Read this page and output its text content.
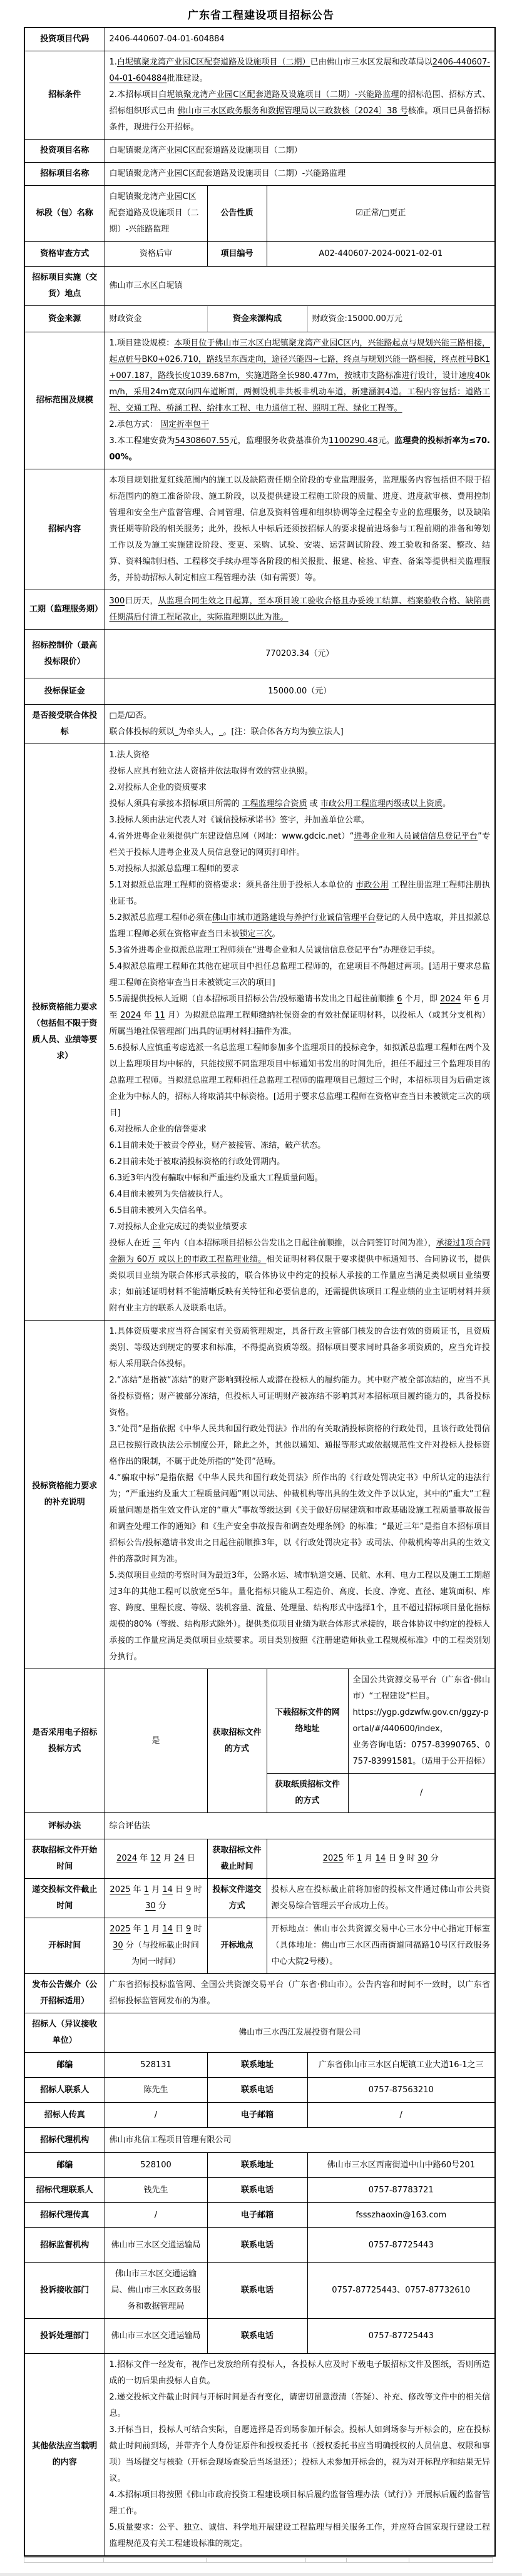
广东省工程建设项目招标公告
投资项目代码	2406-440607-04-01-604884				

招标条件	1.白坭镇聚龙湾产业园C区配套道路及设施项目（二期）已由佛山市三水区发展和改革局以2406-440607-04-01-604884批准建设。
2.本招标项目白坭镇聚龙湾产业园C区配套道路及设施项目（二期）-兴能路监理的招标范围、招标方式、招标组织形式已由 佛山市三水区政务服务和数据管理局以三政数核〔2024〕38 号核准。项目已具备招标条件，现进行公开招标。				

投资项目名称	白坭镇聚龙湾产业园C区配套道路及设施项目（二期）				

招标项目名称	白坭镇聚龙湾产业园C区配套道路及设施项目（二期）-兴能路监理				

标段（包）名称	白坭镇聚龙湾产业园C区配套道路及设施项目（二期）-兴能路监理	公告性质	☑正常/□更正		

资格审查方式	资格后审	项目编号	A02-440607-2024-0021-02-01		

招标项目实施（交货）地点	佛山市三水区白坭镇				

资金来源	财政资金	资金来源构成		财政资金:15000.00万元	

招标范围及规模	1.项目建设规模：本项目位于佛山市三水区白坭镇聚龙湾产业园C区内，兴能路起点与规划兴能三路相接，起点桩号BK0+026.710，路线呈东西走向，途径兴能四~七路，终点与规划兴能一路相接，终点桩号BK1+007.187，路线长度1039.687m，实施道路全长980.477m，按城市支路标准进行设计，设计速度40km/h，采用24m宽双向四车道断面，两侧设机非共板非机动车道，新建涵洞4道。工程内容包括：道路工程、交通工程、桥涵工程、给排水工程、电力通信工程、照明工程、绿化工程等。
2.承包方式： 固定折率包干
3.本工程建安费为54308607.55元，监理服务收费基准价为1100290.48元。监理费的投标折率为≤70.00%。				

招标内容	本项目规划批复红线范围内的施工以及缺陷责任期全阶段的专业监理服务，监理服务内容包括但不限于招标范围内的施工准备阶段、施工阶段，以及提供建设工程施工阶段的质量、进度、进度款审核、费用控制管理和安全生产监督管理、合同管理、信息及资料管理和组织协调等全过程全专业的监理服务，以及缺陷责任期等阶段的相关服务；此外，投标人中标后还须按招标人的要求提前进场参与工程前期的准备和筹划工作以及为施工实施建设阶段、变更、采购、试验、安装、运营调试阶段、竣工验收和备案、整改、结算、资料编制归档、工程移交手续办理等各阶段的相关报批、报建、检验、审查、备案等提供相关监理服务，并协助招标人制定相应工程管理办法（如有需要）等。				

工期（监理服务期）	300日历天，从监理合同生效之日起算，至本项目竣工验收合格且办妥竣工结算、档案验收合格、缺陷责任期满后付清工程尾款止，实际监理期以此为准。				

招标控制价（最高投标限价）	770203.34（元）				

投标保证金	15000.00（元）				

是否接受联合体投标	□是/☑否。
联合体投标的须以_为牵头人，_。[注：联合体各方均为独立法人]				

投标资格能力要求（包括但不限于资质人员、业绩等要求）

1.法人资格
投标人应具有独立法人资格并依法取得有效的营业执照。
2.对投标人企业的资质要求
投标人须具有承接本招标项目所需的 工程监理综合资质 或 市政公用工程监理丙级或以上资质。
3.投标人须由法定代表人对《诚信投标承诺书》签字，并加盖单位公章。
4.省外进粤企业须提供广东建设信息网（网址：www.gdcic.net）“进粤企业和人员诚信信息登记平台”专栏关于投标人进粤企业及人员信息登记的网页打印件。
5.对投标人拟派总监理工程师的要求
5.1对拟派总监理工程师的资格要求：须具备注册于投标人本单位的 市政公用 工程注册监理工程师注册执业证书。
5.2拟派总监理工程师必须在佛山市城市道路建设与养护行业诚信管理平台登记的人员中选取，并且拟派总监理工程师必须在资格审查当日未被锁定三次。
5.3省外进粤企业拟派总监理工程师须在“进粤企业和人员诚信信息登记平台”办理登记手续。
5.4拟派总监理工程师在其他在建项目中担任总监理工程师的，在建项目不得超过两项。[适用于要求总监理工程师在资格审查当日未被锁定三次的项目]
5.5需提供投标人近期（自本招标项目招标公告/投标邀请书发出之日起往前顺推 6 个月，即 2024 年 6 月至 2024 年 11 月）为拟派总监理工程师缴纳社保资金的有效社保证明材料，以投标人（或其分支机构）所属当地社保管理部门出具的证明材料扫描件为准。
5.6投标人应慎重考虑选派一名总监理工程师参加多个监理项目的投标竞争，如拟派总监理工程师在两个及以上监理项目均中标的，只能按照不同监理项目中标通知书发出的时间先后，担任不超过三个监理项目的总监理工程师。当拟派总监理工程师担任总监理工程师的监理项目已超过三个时，本招标项目为后确定该企业为中标人的，招标人将取消其中标资格。[适用于要求总监理工程师在资格审查当日未被锁定三次的项目]
6.对投标人企业的信誉要求
6.1目前未处于被责令停业，财产被接管、冻结，破产状态。
6.2目前未处于被取消投标资格的行政处罚期内。
6.3近3年内没有骗取中标和严重违约及重大工程质量问题。
6.4目前未被列为失信被执行人。
6.5目前未被列入失信名单。
7.对投标人企业完成过的类似业绩要求
投标人在近 三 年内（自本招标项目招标公告发出之日起往前顺推，以合同签订时间为准），承接过1项合同金额为 60万 或以上的市政工程监理业绩。相关证明材料仅限于要求提供中标通知书、合同协议书，提供类似项目业绩为联合体形式承接的，联合体协议中约定的投标人承接的工作量应当满足类似项目业绩要求；如前述证明材料不能清晰反映有关特征和必要信息的，还需提供该项目工程业绩的业主证明材料并须附有业主方的联系人及联系电话。

投标资格能力要求的补充说明	1.具体资质要求应当符合国家有关资质管理规定，具备行政主管部门核发的合法有效的资质证书，且资质类别、等级达到规定的要求和标准，不得提高资质等级。招标项目要求同时具备多项资质的，应当允许投标人采用联合体投标。
2.“冻结”是指被“冻结”的财产影响到投标人或潜在投标人的履约能力。其中财产被全部冻结的，应当不具备投标资格；财产被部分冻结，但投标人可证明财产被冻结不影响其对本招标项目履约能力的，具备投标资格。
3.“处罚”是指依据《中华人民共和国行政处罚法》作出的有关取消投标资格的行政处罚，且该行政处罚信息已按照行政执法公示制度公开，除此之外，其他以通知、通报等形式或依据规范性文件对投标人投标资格作出的限制，不属于此处所指的“处罚”范畴。
4.“骗取中标”是指依据《中华人民共和国行政处罚法》所作出的《行政处罚决定书》中所认定的违法行为；“严重违约及重大工程质量问题”则以司法、仲裁机构等出具的生效文件予以认定，其中的“重大”工程质量问题是指生效文件认定的“重大”事故等级达到《关于做好房屋建筑和市政基础设施工程质量事故报告和调查处理工作的通知》和《生产安全事故报告和调查处理条例》的标准；“最近三年”是指自本招标项目招标公告/投标邀请书发出之日起往前顺推3年，以《行政处罚决定书》或司法、仲裁机构等出具的生效文件的落款时间为准。
5.类似项目业绩的考察时间为最近3年，公路水运、城市轨道交通、民航、水利、电力工程以及施工工期超过3年的其他工程可以放宽至5年。量化指标只能从工程造价、高度、长度、净宽、直径、建筑面积、库容、跨度、里程长度、等级、装机容量、流量、处理量、结构形式中选择1个，且不超过招标项目量化指标规模的80%（等级、结构形式除外）。提供类似项目业绩为联合体形式承接的，联合体协议中约定的投标人承接的工作量应满足类似项目业绩要求。项目类别按照《注册建造师执业工程规模标准》中的工程类别划分执行。				

是否采用电子招标投标方式	是	获取招标文件的方式	下载招标文件的网络地址		全国公共资源交易平台（广东省·佛山市）“工程建设”栏目。
https://ygp.gdzwfw.gov.cn/ggzy-portal/#/440600/index，
业务咨询电话：0757-83990765、0757-83991581。（适用于公开招标）

			获取纸质招标文件的方式		/

评标办法	综合评估法				

获取招标文件开始时间	2024 年 12 月 24 日	获取招标文件截止时间	2025 年 1 月 14 日 9 时 30 分		

递交投标文件截止时间	2025 年 1 月 14 日 9 时 30 分	投标文件递交方式	投标人应在投标截止前将加密的投标文件通过佛山市公共资源交易综合管理云平台成功上传。		

开标时间	2025 年 1 月 14 日 9 时 30 分（与投标截止时间为同一时间）	开标地点	开标地点：佛山市公共资源交易中心三水分中心指定开标室（具体地址：佛山市三水区西南街道同福路10号区行政服务中心大院2号楼）。		

发布公告媒介（公开招标适用）	广东省招标投标监管网、全国公共资源交易平台（广东省·佛山市）。公告内容和时间不一致时，以广东省招标投标监管网发布的为准。				

招标人（异议接收单位）	佛山市三水西江发展投资有限公司				

邮编	528131	联系地址		广东省佛山市三水区白坭镇工业大道16-1之三	

招标人联系人	陈先生	联系电话		0757-87563210	

招标人传真	/	电子邮箱		/	

招标代理机构	佛山市兆信工程项目管理有限公司				

邮编	528100	联系地址		佛山市三水区西南街道中山中路60号201	

招标代理联系人	钱先生	联系电话		0757-87783721	

招标代理传真	/	电子邮箱		fssszhaoxin@163.com	

招标监督机构	佛山市三水区交通运输局	联系电话		0757-87725443	

投诉接收部门	佛山市三水区交通运输局、佛山市三水区政务服务和数据管理局	联系电话		0757-87725443、0757-87732610	

投诉处理部门	佛山市三水区交通运输局	联系电话		0757-87725443	

其他依法应当载明的内容	1.招标文件一经发布，视作已发放给所有投标人，各投标人应及时下载电子版招标文件及图纸，否则所造成的一切后果由投标人自负。
2.递交投标文件截止时间与开标时间是否有变化，请密切留意澄清（答疑）、补充、修改等文件中的相关信息。
3.开标当日，投标人可结合实际，自愿选择是否到场参加开标会。投标人如到场参与开标会的，应在投标截止时间前到场，并带齐个人身份证原件和授权委托书（授权委托书应当明确授权的人员信息、权限和事项）当场提交与核验（开标会现场查验后当场退还）；投标人未参加开标会的，视为对开标程序和结果无异议。
4.本招标项目将按照《佛山市政府投资工程建设项目标后履约监督管理办法（试行）》开展标后履约监督管理工作。
5.质量要求：公平、独立、诚信、科学地开展建设工程监理与相关服务工作，并应符合国家现行建设工程监理规范及有关工程建设标准的规定。				
